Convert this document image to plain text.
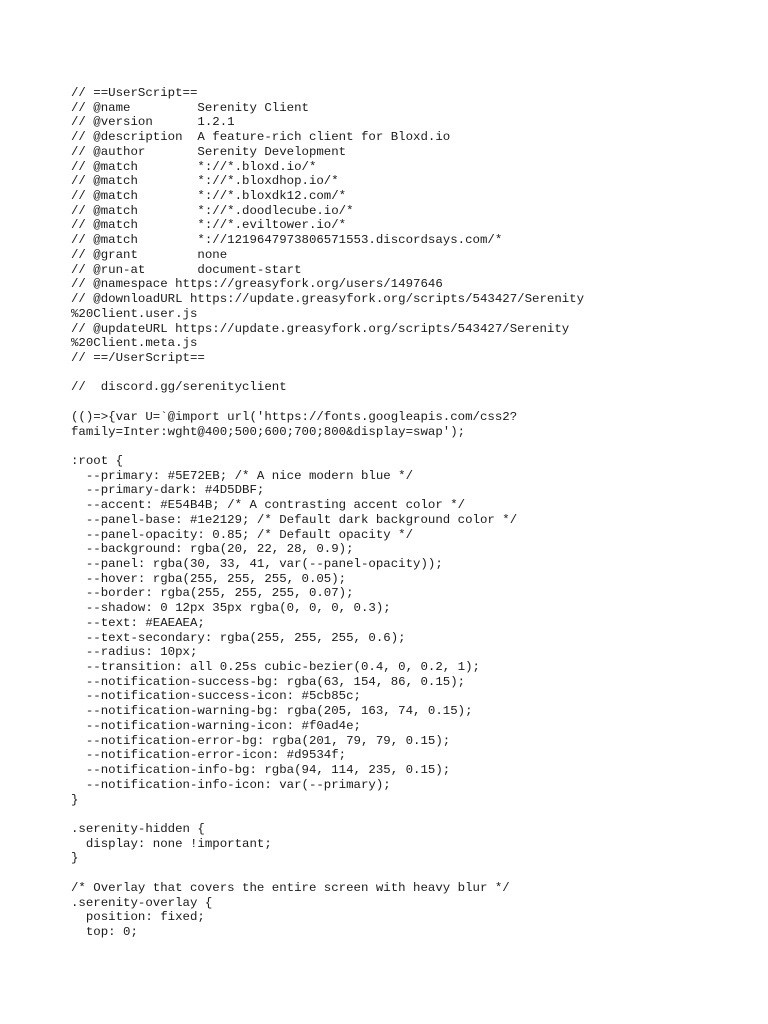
// ==UserScript==
// @name         Serenity Client
// @version      1.2.1
// @description  A feature-rich client for Bloxd.io
// @author       Serenity Development
// @match        *://*.bloxd.io/*
// @match        *://*.bloxdhop.io/*
// @match        *://*.bloxdk12.com/*
// @match        *://*.doodlecube.io/*
// @match        *://*.eviltower.io/*
// @match        *://1219647973806571553.discordsays.com/*
// @grant        none
// @run-at       document-start
// @namespace https://greasyfork.org/users/1497646
// @downloadURL https://update.greasyfork.org/scripts/543427/Serenity
%20Client.user.js
// @updateURL https://update.greasyfork.org/scripts/543427/Serenity
%20Client.meta.js
// ==/UserScript==
//  discord.gg/serenityclient
(()=>{var U=`@import url('https://fonts.googleapis.com/css2?
family=Inter:wght@400;500;600;700;800&display=swap');
:root {
--primary: #5E72EB; /* A nice modern blue */
--primary-dark: #4D5DBF;
--accent: #E54B4B; /* A contrasting accent color */
--panel-base: #1e2129; /* Default dark background color */
--panel-opacity: 0.85; /* Default opacity */
--background: rgba(20, 22, 28, 0.9);
--panel: rgba(30, 33, 41, var(--panel-opacity));
--hover: rgba(255, 255, 255, 0.05);
--border: rgba(255, 255, 255, 0.07);
--shadow: 0 12px 35px rgba(0, 0, 0, 0.3);
--text: #EAEAEA;
--text-secondary: rgba(255, 255, 255, 0.6);
--radius: 10px;
--transition: all 0.25s cubic-bezier(0.4, 0, 0.2, 1);
--notification-success-bg: rgba(63, 154, 86, 0.15);
--notification-success-icon: #5cb85c;
--notification-warning-bg: rgba(205, 163, 74, 0.15);
--notification-warning-icon: #f0ad4e;
--notification-error-bg: rgba(201, 79, 79, 0.15);
--notification-error-icon: #d9534f;
--notification-info-bg: rgba(94, 114, 235, 0.15);
--notification-info-icon: var(--primary);
}
.serenity-hidden {
display: none !important;
}
/* Overlay that covers the entire screen with heavy blur */
.serenity-overlay {
position: fixed;
top: 0;
